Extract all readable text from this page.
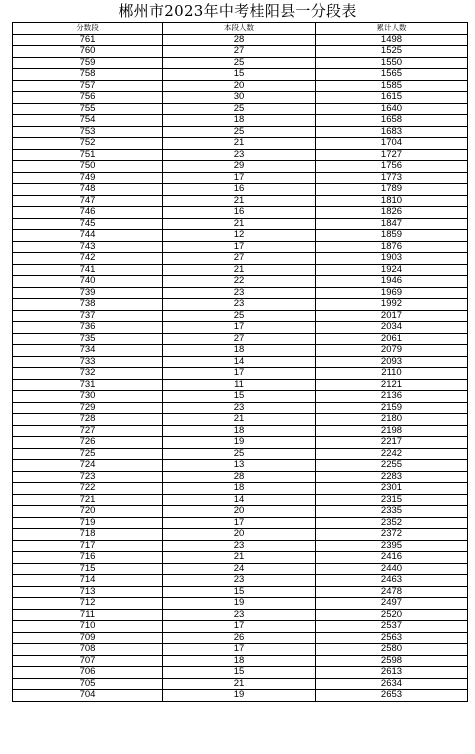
郴州市2023年中考桂阳县一分段表
分数段	本段人数	累计人数
761	28	1498
760	27	1525
759	25	1550
758	15	1565
757	20	1585
756	30	1615
755	25	1640
754	18	1658
753	25	1683
752	21	1704
751	23	1727
750	29	1756
749	17	1773
748	16	1789
747	21	1810
746	16	1826
745	21	1847
744	12	1859
743	17	1876
742	27	1903
741	21	1924
740	22	1946
739	23	1969
738	23	1992
737	25	2017
736	17	2034
735	27	2061
734	18	2079
733	14	2093
732	17	2110
731	11	2121
730	15	2136
729	23	2159
728	21	2180
727	18	2198
726	19	2217
725	25	2242
724	13	2255
723	28	2283
722	18	2301
721	14	2315
720	20	2335
719	17	2352
718	20	2372
717	23	2395
716	21	2416
715	24	2440
714	23	2463
713	15	2478
712	19	2497
711	23	2520
710	17	2537
709	26	2563
708	17	2580
707	18	2598
706	15	2613
705	21	2634
704	19	2653
